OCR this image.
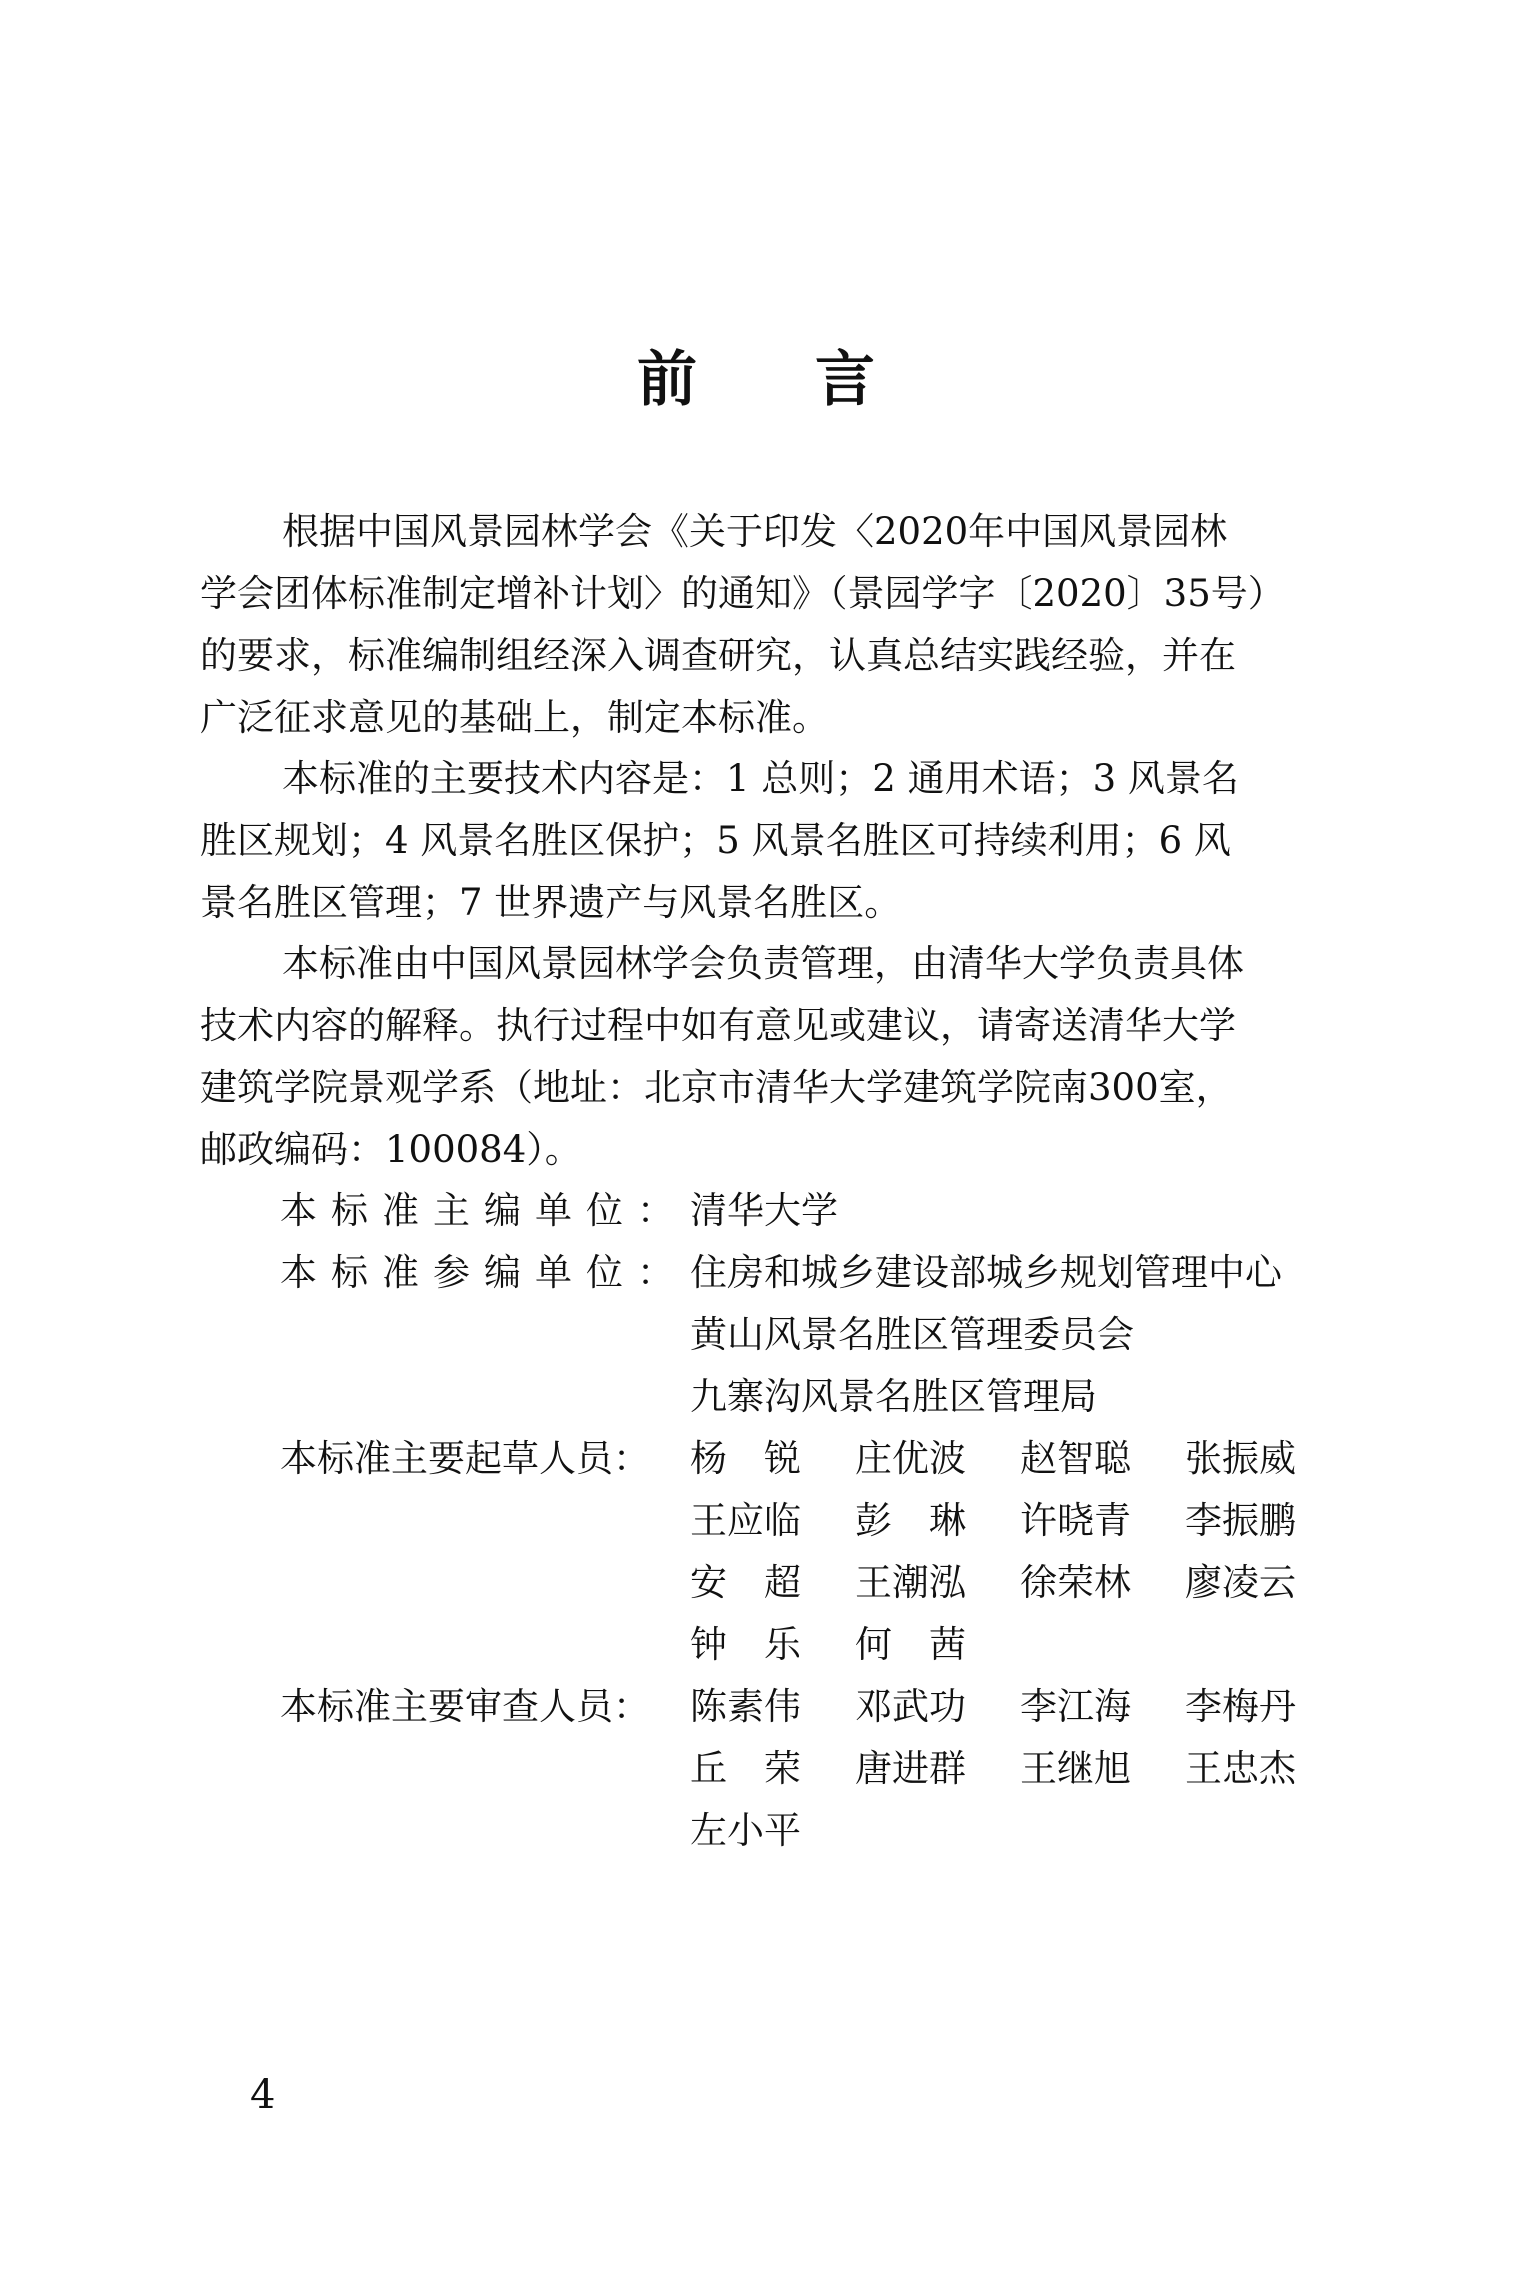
前 言
根据中国风景园林学会《关于印发〈2020年中国风景园林
学会团体标准制定增补计划〉的通知》（景园学字〔2020〕35号）
的要求，标准编制组经深入调查研究，认真总结实践经验，并在
广泛征求意见的基础上，制定本标准。
本标准的主要技术内容是：1 总则；2 通用术语；3 风景名
胜区规划；4 风景名胜区保护；5 风景名胜区可持续利用；6 风
景名胜区管理；7 世界遗产与风景名胜区。
本标准由中国风景园林学会负责管理，由清华大学负责具体
技术内容的解释。执行过程中如有意见或建议，请寄送清华大学
建筑学院景观学系（地址：北京市清华大学建筑学院南300室，
邮政编码：100084）。
本标准主编单位： 清华大学
本标准参编单位： 住房和城乡建设部城乡规划管理中心
黄山风景名胜区管理委员会
九寨沟风景名胜区管理局
本标准主要起草人员：	杨　锐	庄优波	赵智聪	张振威
王应临	彭　琳	许晓青	李振鹏
安　超	王潮泓	徐荣林	廖凌云
钟　乐	何　茜
本标准主要审查人员：	陈素伟	邓武功	李江海	李梅丹
丘　荣	唐进群	王继旭	王忠杰
左小平
4
